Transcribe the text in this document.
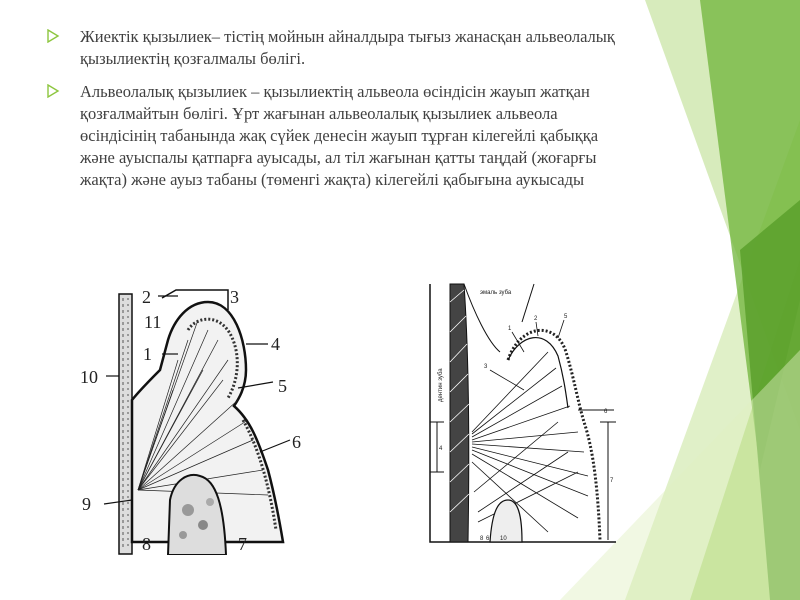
Жиектік қызылиек– тістің мойнын айналдыра тығыз жанасқан альвеолалық қызылиектің қозғалмалы бөлігі.
Альвеолалық қызылиек – қызылиектің альвеола өсіндісін жауып жатқан қозғалмайтын бөлігі. Ұрт жағынан альвеолалық қызылиек альвеола өсіндісінің табанында жақ сүйек денесін жауып тұрған кілегейлі қабыққа және ауыспалы қатпарға ауысады, ал тіл жағынан қатты таңдай (жоғарғы жақта) және ауыз табаны (төменгі жақта) кілегейлі қабығына аукысады
2	3
11
4
1
10	5
6
9
8	7
эмаль зуба
дентин зуба
1
2	5
3
6
4
7
8 6 10
